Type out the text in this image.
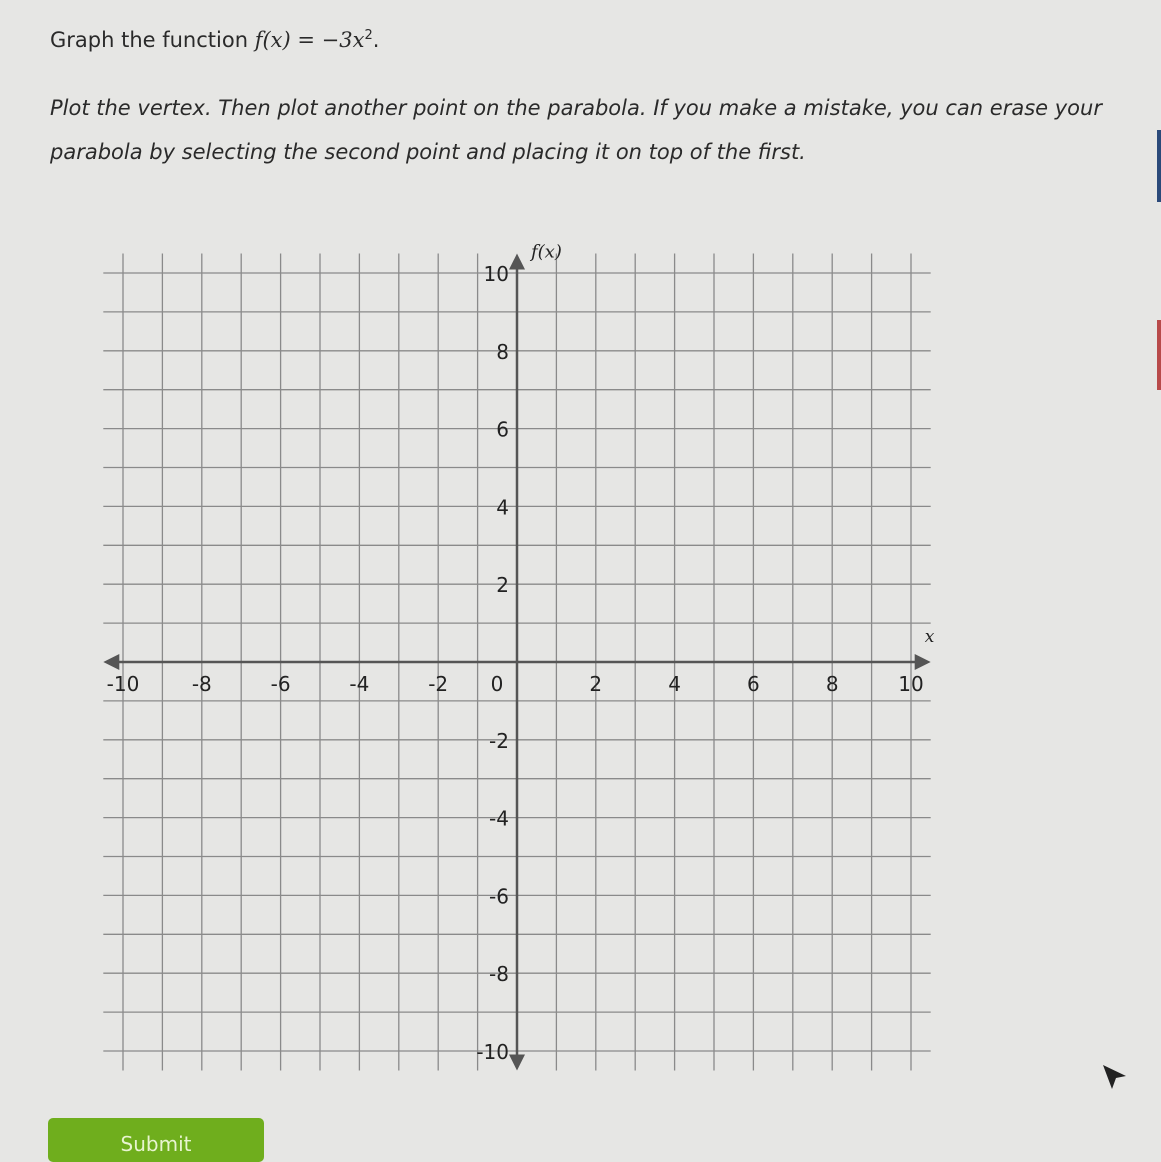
Graph the function $f(x) = -3x^2$.
Plot the vertex. Then plot another point on the parabola. If you make a mistake, you can erase your parabola by selecting the second point and placing it on top of the first.
x
f(x)
-10	-8	-6	-4	-2 0	2	4	6	8	10
10
8
6
4
2
-2
-4
-6
-8
-10
Submit
